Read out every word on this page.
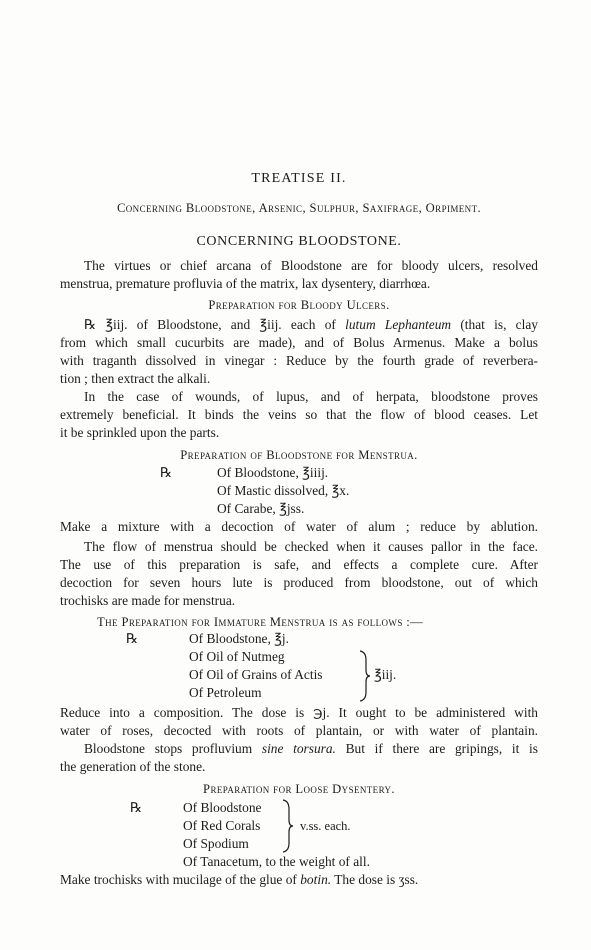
TREATISE II.
Concerning Bloodstone, Arsenic, Sulphur, Saxifrage, Orpiment.
CONCERNING BLOODSTONE.
The virtues or chief arcana of Bloodstone are for bloody ulcers, resolved
menstrua, premature profluvia of the matrix, lax dysentery, diarrhœa.
Preparation for Bloody Ulcers.
℞ ℥iij. of Bloodstone, and ℥iij. each of lutum Lephanteum (that is, clay
from which small cucurbits are made), and of Bolus Armenus. Make a bolus
with traganth dissolved in vinegar : Reduce by the fourth grade of reverbera-
tion ; then extract the alkali.
In the case of wounds, of lupus, and of herpata, bloodstone proves
extremely beneficial. It binds the veins so that the flow of blood ceases. Let
it be sprinkled upon the parts.
Preparation of Bloodstone for Menstrua.
℞	Of Bloodstone, ℥iiij.
Of Mastic dissolved, ℥x.
Of Carabe, ℥jss.
Make a mixture with a decoction of water of alum ; reduce by ablution.
The flow of menstrua should be checked when it causes pallor in the face.
The use of this preparation is safe, and effects a complete cure. After
decoction for seven hours lute is produced from bloodstone, out of which
trochisks are made for menstrua.
The Preparation for Immature Menstrua is as follows :—
℞	Of Bloodstone, ℥j.
Of Oil of Nutmeg
Of Oil of Grains of Actis
Of Petroleum
℥iij.
Reduce into a composition. The dose is ℈j. It ought to be administered with
water of roses, decocted with roots of plantain, or with water of plantain.
Bloodstone stops profluvium sine torsura. But if there are gripings, it is
the generation of the stone.
Preparation for Loose Dysentery.
℞	Of Bloodstone
Of Red Corals
Of Spodium
v.ss. each.
Of Tanacetum, to the weight of all.
Make trochisks with mucilage of the glue of botin. The dose is ʒss.
